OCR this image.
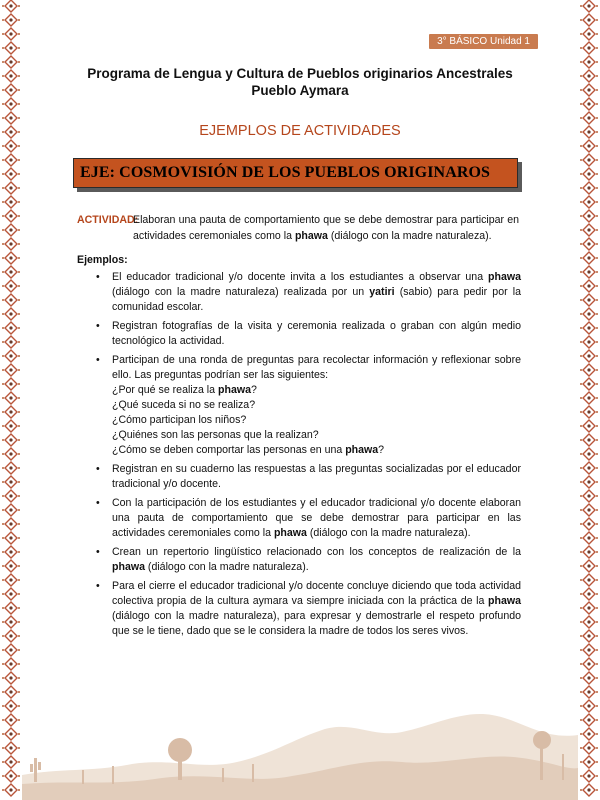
3° BÁSICO Unidad 1
Programa de Lengua y Cultura de Pueblos originarios Ancestrales
Pueblo Aymara
EJEMPLOS DE ACTIVIDADES
EJE: COSMOVISIÓN DE LOS PUEBLOS ORIGINAROS
ACTIVIDAD:
Elaboran una pauta de comportamiento que se debe demostrar para participar en actividades ceremoniales como la phawa (diálogo con la madre naturaleza).
Ejemplos:
• El educador tradicional y/o docente invita a los estudiantes a observar una phawa (diálogo con la madre naturaleza) realizada por un yatiri (sabio) para pedir por la comunidad escolar.
• Registran fotografías de la visita y ceremonia realizada o graban con algún medio tecnológico la actividad.
• Participan de una ronda de preguntas para recolectar información y reflexionar sobre ello. Las preguntas podrían ser las siguientes:
¿Por qué se realiza la phawa?
¿Qué suceda si no se realiza?
¿Cómo participan los niños?
¿Quiénes son las personas que la realizan?
¿Cómo se deben comportar las personas en una phawa?
• Registran en su cuaderno las respuestas a las preguntas socializadas por el educador tradicional y/o docente.
• Con la participación de los estudiantes y el educador tradicional y/o docente elaboran una pauta de comportamiento que se debe demostrar para participar en las actividades ceremoniales como la phawa (diálogo con la madre naturaleza).
• Crean un repertorio lingüístico relacionado con los conceptos de realización de la phawa (diálogo con la madre naturaleza).
• Para el cierre el educador tradicional y/o docente concluye diciendo que toda actividad colectiva propia de la cultura aymara va siempre iniciada con la práctica de la phawa (diálogo con la madre naturaleza), para expresar y demostrarle el respeto profundo que se le tiene, dado que se le considera la madre de todos los seres vivos.
